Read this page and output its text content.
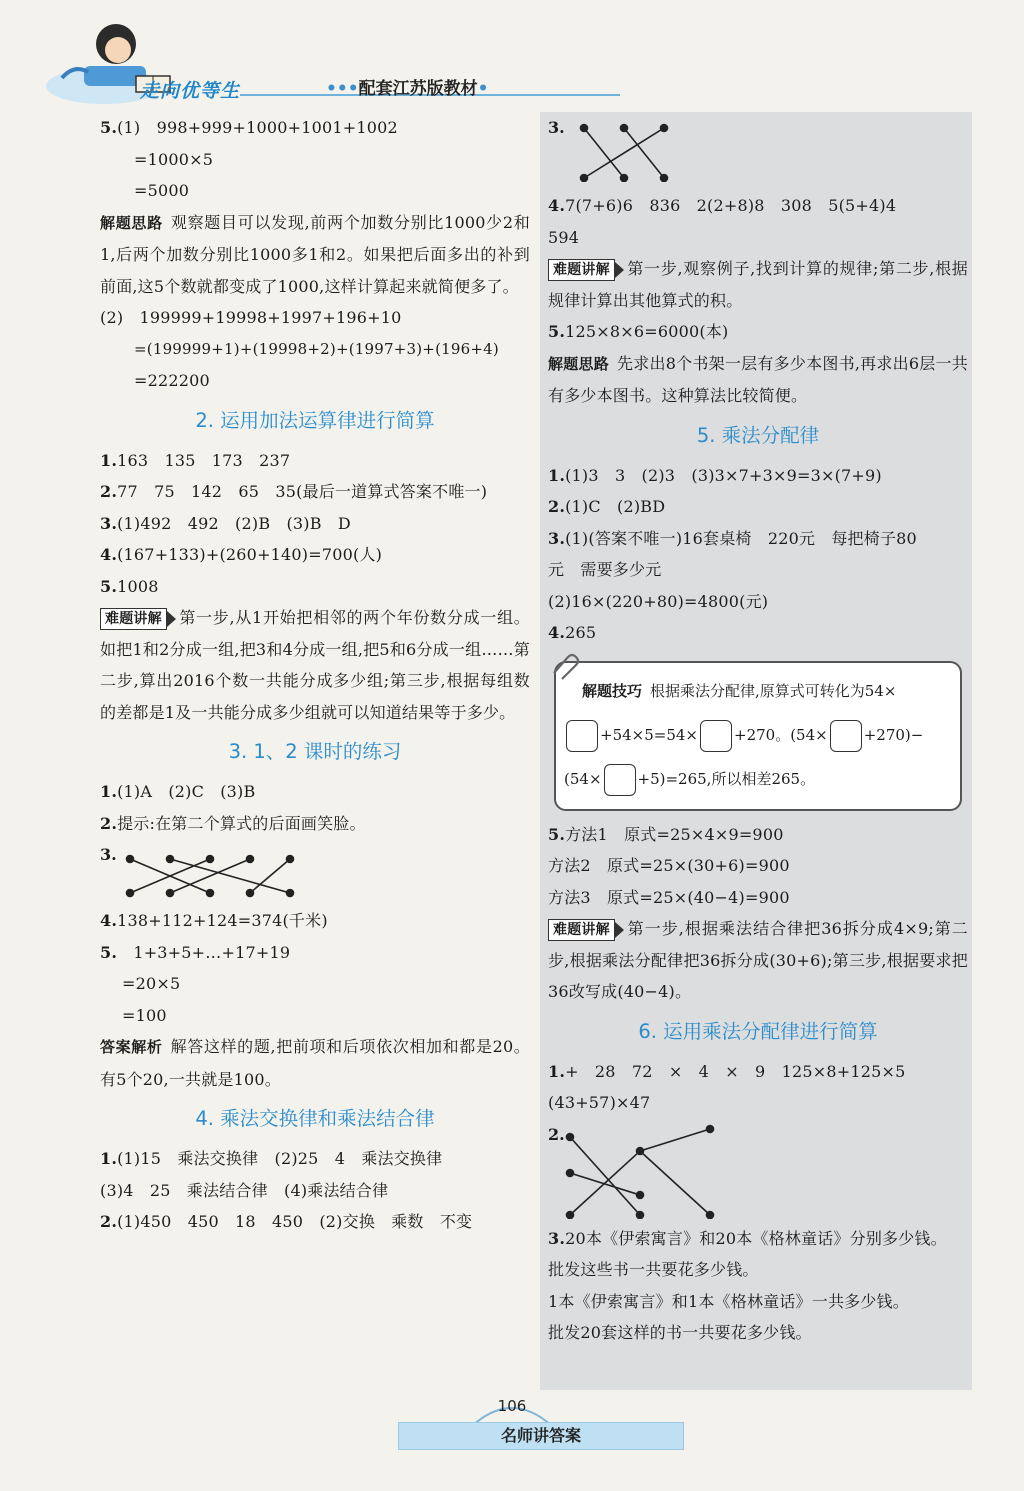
走向优等生	•••配套江苏版教材•
5.(1)　 998+999+1000+1001+1002
=1000×5
=5000
解题思路 观察题目可以发现,前两个加数分别比1000少2和1,后两个加数分别比1000多1和2。如果把后面多出的补到前面,这5个数就都变成了1000,这样计算起来就简便多了。
(2)　 199999+19998+1997+196+10
=(199999+1)+(19998+2)+(1997+3)+(196+4)
=222200
2. 运用加法运算律进行简算
1.163　135　173　237
2.77　75　142　65　35(最后一道算式答案不唯一)
3.(1)492　492　(2)B　(3)B　D
4.(167+133)+(260+140)=700(人)
5.1008
难题讲解 第一步,从1开始把相邻的两个年份数分成一组。如把1和2分成一组,把3和4分成一组,把5和6分成一组……第二步,算出2016个数一共能分成多少组;第三步,根据每组数的差都是1及一共能分成多少组就可以知道结果等于多少。
3. 1、2 课时的练习
1.(1)A　(2)C　(3)B
2.提示:在第二个算式的后面画笑脸。
3.
4.138+112+124=374(千米)
5.　 1+3+5+…+17+19
=20×5
=100
答案解析 解答这样的题,把前项和后项依次相加和都是20。有5个20,一共就是100。
4. 乘法交换律和乘法结合律
1.(1)15　乘法交换律　(2)25　4　乘法交换律
(3)4　25　乘法结合律　(4)乘法结合律
2.(1)450　450　18　450　(2)交换　乘数　不变
3.
4.7(7+6)6　836　2(2+8)8　308　5(5+4)4
594
难题讲解 第一步,观察例子,找到计算的规律;第二步,根据规律计算出其他算式的积。
5.125×8×6=6000(本)
解题思路 先求出8个书架一层有多少本图书,再求出6层一共有多少本图书。这种算法比较简便。
5. 乘法分配律
1.(1)3　3　(2)3　(3)3×7+3×9=3×(7+9)
2.(1)C　(2)BD
3.(1)(答案不唯一)16套桌椅　220元　每把椅子80
元　需要多少元
(2)16×(220+80)=4800(元)
4.265
解题技巧 根据乘法分配律,原算式可转化为54×
+54×5=54× +270。(54× +270)−
(54× +5)=265,所以相差265。
5.方法1　原式=25×4×9=900
方法2　原式=25×(30+6)=900
方法3　原式=25×(40−4)=900
难题讲解 第一步,根据乘法结合律把36拆分成4×9;第二步,根据乘法分配律把36拆分成(30+6);第三步,根据要求把36改写成(40−4)。
6. 运用乘法分配律进行简算
1.+　28　72　×　4　×　9　125×8+125×5
(43+57)×47
2.
3.20本《伊索寓言》和20本《格林童话》分别多少钱。
批发这些书一共要花多少钱。
1本《伊索寓言》和1本《格林童话》一共多少钱。
批发20套这样的书一共要花多少钱。
106
名师讲答案
